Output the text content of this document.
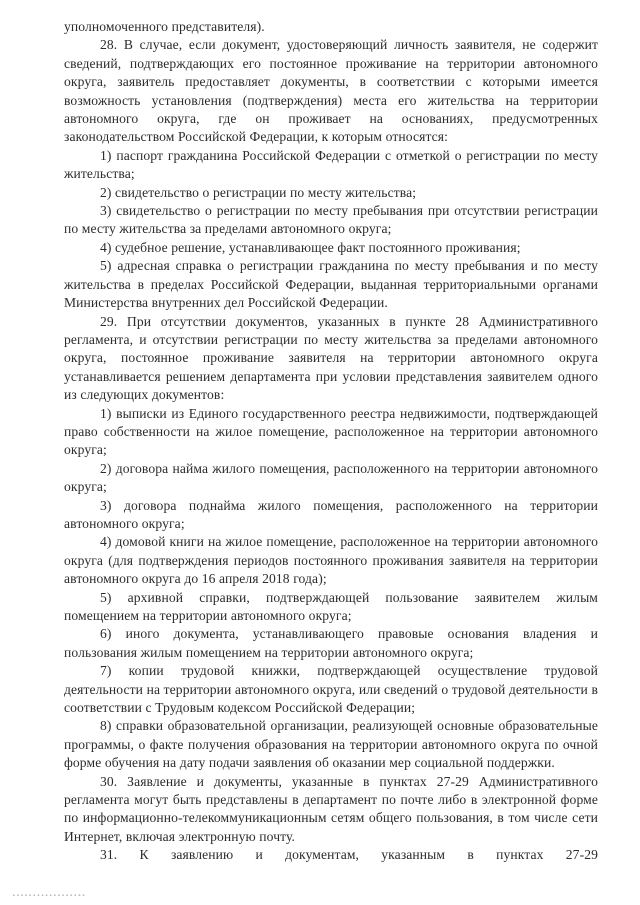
уполномоченного представителя).

28. В случае, если документ, удостоверяющий личность заявителя, не содержит сведений, подтверждающих его постоянное проживание на территории автономного округа, заявитель предоставляет документы, в соответствии с которыми имеется возможность установления (подтверждения) места его жительства на территории автономного округа, где он проживает на основаниях, предусмотренных законодательством Российской Федерации, к которым относятся:

1) паспорт гражданина Российской Федерации с отметкой о регистрации по месту жительства;

2) свидетельство о регистрации по месту жительства;

3) свидетельство о регистрации по месту пребывания при отсутствии регистрации по месту жительства за пределами автономного округа;

4) судебное решение, устанавливающее факт постоянного проживания;

5) адресная справка о регистрации гражданина по месту пребывания и по месту жительства в пределах Российской Федерации, выданная территориальными органами Министерства внутренних дел Российской Федерации.

29. При отсутствии документов, указанных в пункте 28 Административного регламента, и отсутствии регистрации по месту жительства за пределами автономного округа, постоянное проживание заявителя на территории автономного округа устанавливается решением департамента при условии представления заявителем одного из следующих документов:

1) выписки из Единого государственного реестра недвижимости, подтверждающей право собственности на жилое помещение, расположенное на территории автономного округа;

2) договора найма жилого помещения, расположенного на территории автономного округа;

3) договора поднайма жилого помещения, расположенного на территории автономного округа;

4) домовой книги на жилое помещение, расположенное на территории автономного округа (для подтверждения периодов постоянного проживания заявителя на территории автономного округа до 16 апреля 2018 года);

5) архивной справки, подтверждающей пользование заявителем жилым помещением на территории автономного округа;

6) иного документа, устанавливающего правовые основания владения и пользования жилым помещением на территории автономного округа;

7) копии трудовой книжки, подтверждающей осуществление трудовой деятельности на территории автономного округа, или сведений о трудовой деятельности в соответствии с Трудовым кодексом Российской Федерации;

8) справки образовательной организации, реализующей основные образовательные программы, о факте получения образования на территории автономного округа по очной форме обучения на дату подачи заявления об оказании мер социальной поддержки.

30. Заявление и документы, указанные в пунктах 27-29 Административного регламента могут быть представлены в департамент по почте либо в электронной форме по информационно-телекоммуникационным сетям общего пользования, в том числе сети Интернет, включая электронную почту.

31. К заявлению и документам, указанным в пунктах 27-29

▪▪▪▪▪▪▪▪▪▪▪▪▪▪▪▪▪▪
